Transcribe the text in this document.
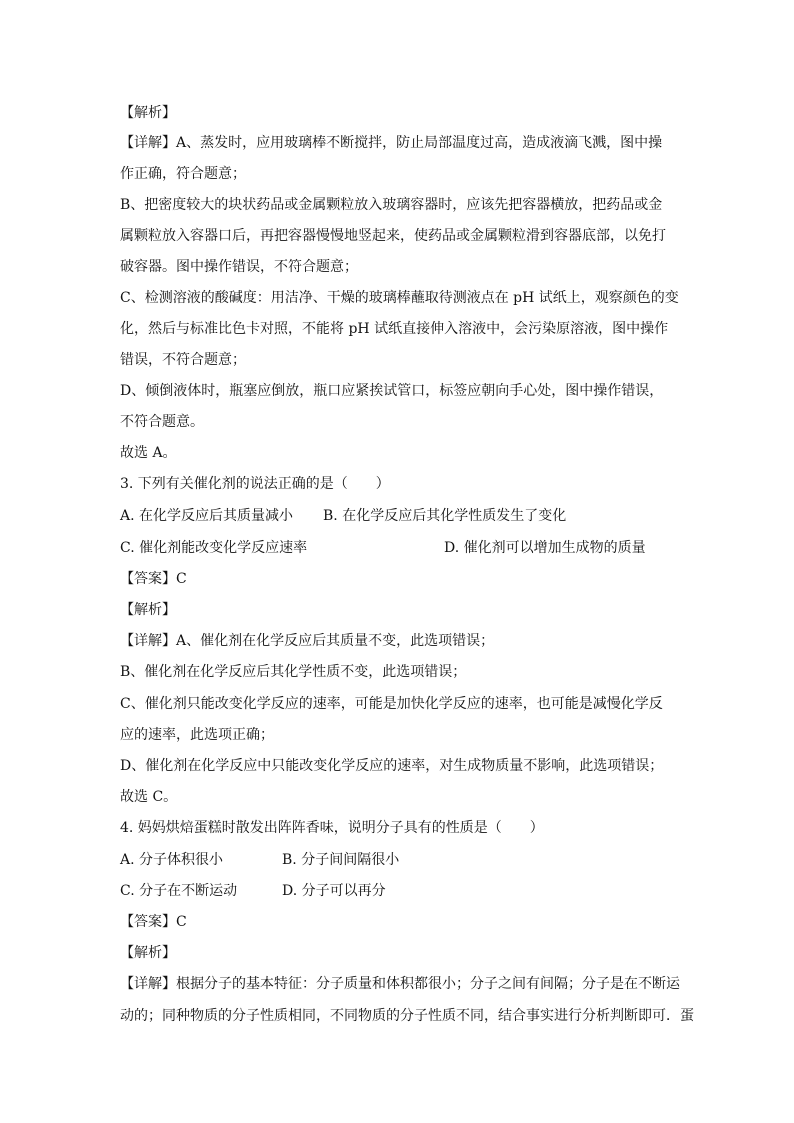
【解析】
【详解】A、蒸发时，应用玻璃棒不断搅拌，防止局部温度过高，造成液滴飞溅，图中操
作正确，符合题意；
B、把密度较大的块状药品或金属颗粒放入玻璃容器时，应该先把容器横放，把药品或金
属颗粒放入容器口后，再把容器慢慢地竖起来，使药品或金属颗粒滑到容器底部，以免打
破容器。图中操作错误，不符合题意；
C、检测溶液的酸碱度：用洁净、干燥的玻璃棒蘸取待测液点在 pH 试纸上，观察颜色的变
化，然后与标准比色卡对照，不能将 pH 试纸直接伸入溶液中，会污染原溶液，图中操作
错误，不符合题意；
D、倾倒液体时，瓶塞应倒放，瓶口应紧挨试管口，标签应朝向手心处，图中操作错误，
不符合题意。
故选 A。
3. 下列有关催化剂的说法正确的是（　　）
A. 在化学反应后其质量减小 B. 在化学反应后其化学性质发生了变化
C. 催化剂能改变化学反应速率	D. 催化剂可以增加生成物的质量
【答案】C
【解析】
【详解】A、催化剂在化学反应后其质量不变，此选项错误；
B、催化剂在化学反应后其化学性质不变，此选项错误；
C、催化剂只能改变化学反应的速率，可能是加快化学反应的速率，也可能是减慢化学反
应的速率，此选项正确；
D、催化剂在化学反应中只能改变化学反应的速率，对生成物质量不影响，此选项错误；
故选 C。
4. 妈妈烘焙蛋糕时散发出阵阵香味，说明分子具有的性质是（　　）
A. 分子体积很小	B. 分子间间隔很小
C. 分子在不断运动	D. 分子可以再分
【答案】C
【解析】
【详解】根据分子的基本特征：分子质量和体积都很小；分子之间有间隔；分子是在不断运
动的；同种物质的分子性质相同，不同物质的分子性质不同，结合事实进行分析判断即可．蛋
